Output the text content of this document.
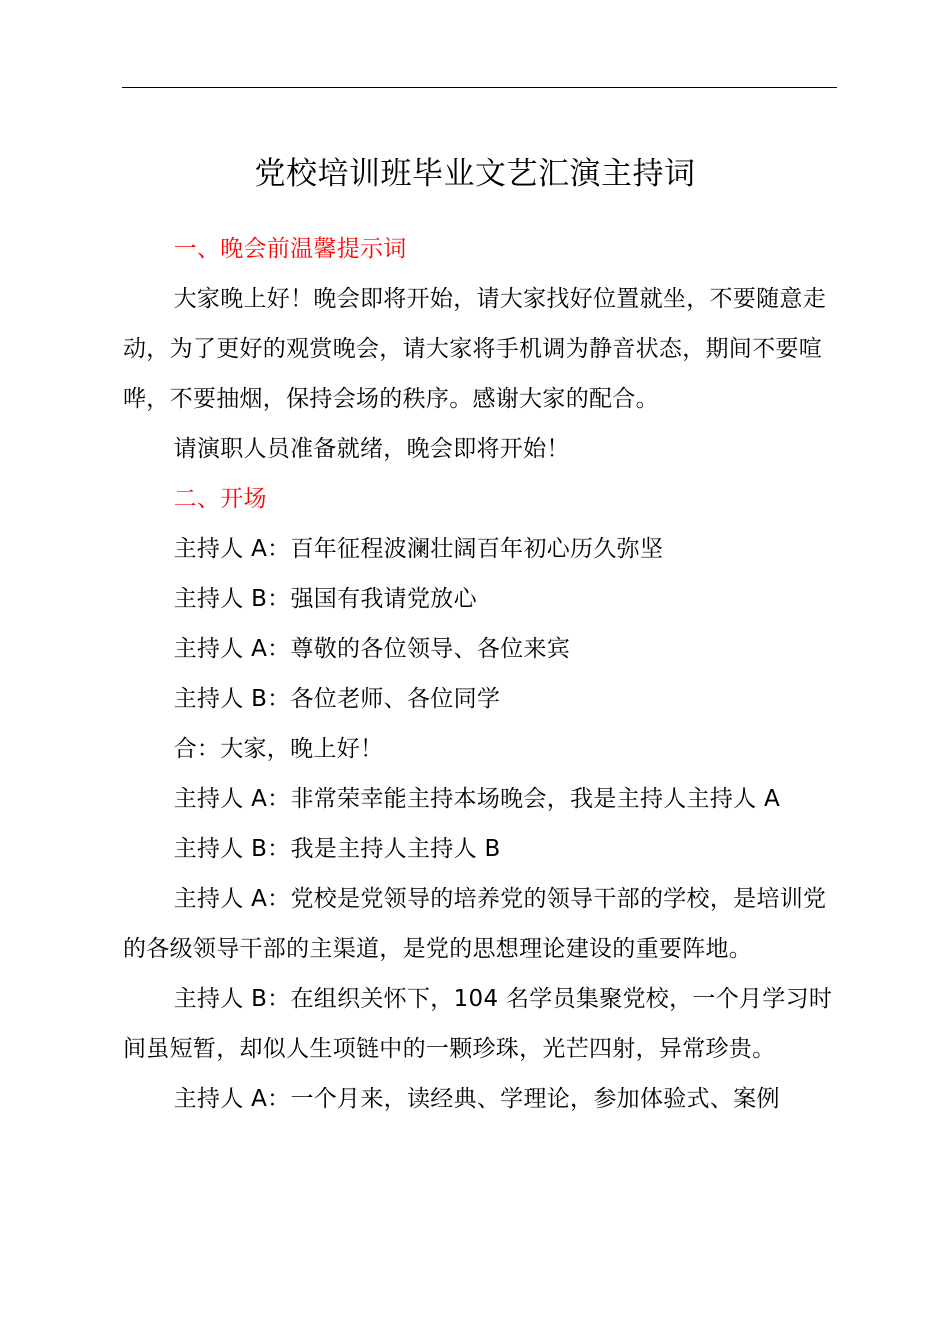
党校培训班毕业文艺汇演主持词

一、晚会前温馨提示词

大家晚上好！晚会即将开始，请大家找好位置就坐，不要随意走动，为了更好的观赏晚会，请大家将手机调为静音状态，期间不要喧哗，不要抽烟，保持会场的秩序。感谢大家的配合。

请演职人员准备就绪，晚会即将开始！

二、开场

主持人 A：百年征程波澜壮阔百年初心历久弥坚

主持人 B：强国有我请党放心

主持人 A：尊敬的各位领导、各位来宾

主持人 B：各位老师、各位同学

合：大家，晚上好！

主持人 A：非常荣幸能主持本场晚会，我是主持人主持人 A

主持人 B：我是主持人主持人 B

主持人 A：党校是党领导的培养党的领导干部的学校，是培训党的各级领导干部的主渠道，是党的思想理论建设的重要阵地。

主持人 B：在组织关怀下，104 名学员集聚党校，一个月学习时间虽短暂，却似人生项链中的一颗珍珠，光芒四射，异常珍贵。

主持人 A：一个月来，读经典、学理论，参加体验式、案例
